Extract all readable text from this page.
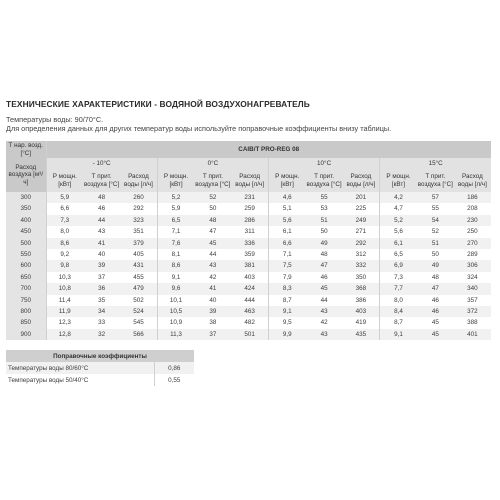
ТЕХНИЧЕСКИЕ ХАРАКТЕРИСТИКИ - ВОДЯНОЙ ВОЗДУХОНАГРЕВАТЕЛЬ
Температуры воды: 90/70°С.
Для определения данных для других температур воды используйте поправочные коэффициенты внизу таблицы.
Т нар. возд. [°С]	CAIB/T PRO-REG 08											
Расход воздуха [м³/ч]	- 10°С			0°С			10°С			15°С		
	Р мощн. [кВт]	Т прит. воздуха [°С]	Расход воды [л/ч]	Р мощн. [кВт]	Т прит. воздуха [°С]	Расход воды [л/ч]	Р мощн. [кВт]	Т прит. воздуха [°С]	Расход воды [л/ч]	Р мощн. [кВт]	Т прит. воздуха [°С]	Расход воды [л/ч]
300	5,9	48	260	5,2	52	231	4,6	55	201	4,2	57	186
350	6,6	46	292	5,9	50	259	5,1	53	225	4,7	55	208
400	7,3	44	323	6,5	48	286	5,6	51	249	5,2	54	230
450	8,0	43	351	7,1	47	311	6,1	50	271	5,6	52	250
500	8,6	41	379	7,6	45	336	6,6	49	292	6,1	51	270
550	9,2	40	405	8,1	44	359	7,1	48	312	6,5	50	289
600	9,8	39	431	8,6	43	381	7,5	47	332	6,9	49	306
650	10,3	37	455	9,1	42	403	7,9	46	350	7,3	48	324
700	10,8	36	479	9,6	41	424	8,3	45	368	7,7	47	340
750	11,4	35	502	10,1	40	444	8,7	44	386	8,0	46	357
800	11,9	34	524	10,5	39	463	9,1	43	403	8,4	46	372
850	12,3	33	545	10,9	38	482	9,5	42	419	8,7	45	388
900	12,8	32	566	11,3	37	501	9,9	43	435	9,1	45	401
Поправочные коэффициенты	
Температуры воды 80/60°С	0,86
Температуры воды 50/40°С	0,55
